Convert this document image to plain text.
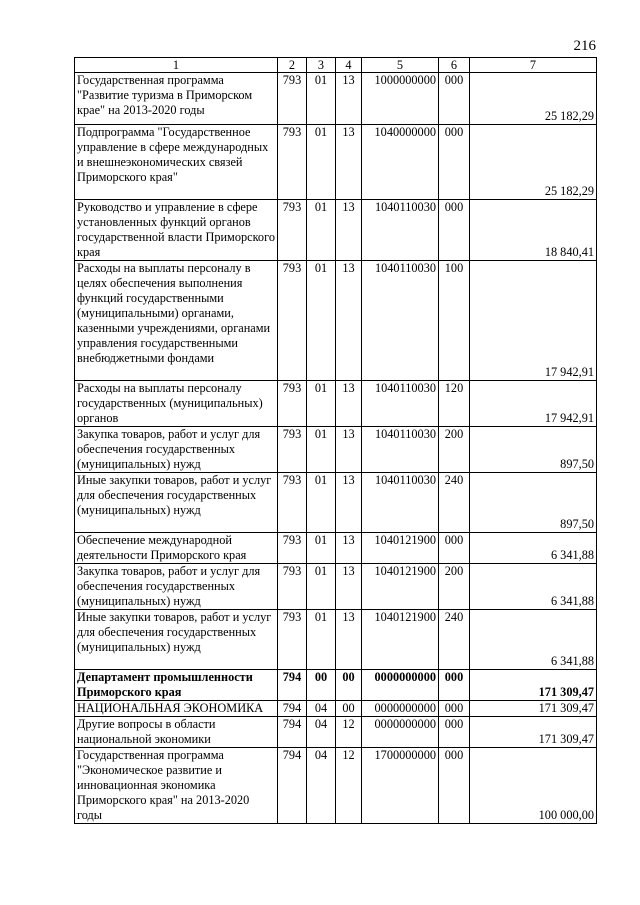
216
1	2	3	4	5	6	7
Государственная программа "Развитие туризма в Приморском крае" на 2013-2020 годы	793	01	13	1000000000	000	25 182,29
Подпрограмма "Государственное управление в сфере международных и внешнеэкономических связей Приморского края"	793	01	13	1040000000	000	25 182,29
Руководство и управление в сфере установленных функций органов государственной власти Приморского края	793	01	13	1040110030	000	18 840,41
Расходы на выплаты персоналу в целях обеспечения выполнения функций государственными (муниципальными) органами, казенными учреждениями, органами управления государственными внебюджетными фондами	793	01	13	1040110030	100	17 942,91
Расходы на выплаты персоналу государственных (муниципальных) органов	793	01	13	1040110030	120	17 942,91
Закупка товаров, работ и услуг для обеспечения государственных (муниципальных) нужд	793	01	13	1040110030	200	897,50
Иные закупки товаров, работ и услуг для обеспечения государственных (муниципальных) нужд	793	01	13	1040110030	240	897,50
Обеспечение международной деятельности Приморского края	793	01	13	1040121900	000	6 341,88
Закупка товаров, работ и услуг для обеспечения государственных (муниципальных) нужд	793	01	13	1040121900	200	6 341,88
Иные закупки товаров, работ и услуг для обеспечения государственных (муниципальных) нужд	793	01	13	1040121900	240	6 341,88
Департамент промышленности Приморского края	794	00	00	0000000000	000	171 309,47
НАЦИОНАЛЬНАЯ ЭКОНОМИКА	794	04	00	0000000000	000	171 309,47
Другие вопросы в области национальной экономики	794	04	12	0000000000	000	171 309,47
Государственная программа "Экономическое развитие и инновационная экономика Приморского края" на 2013-2020 годы	794	04	12	1700000000	000	100 000,00
